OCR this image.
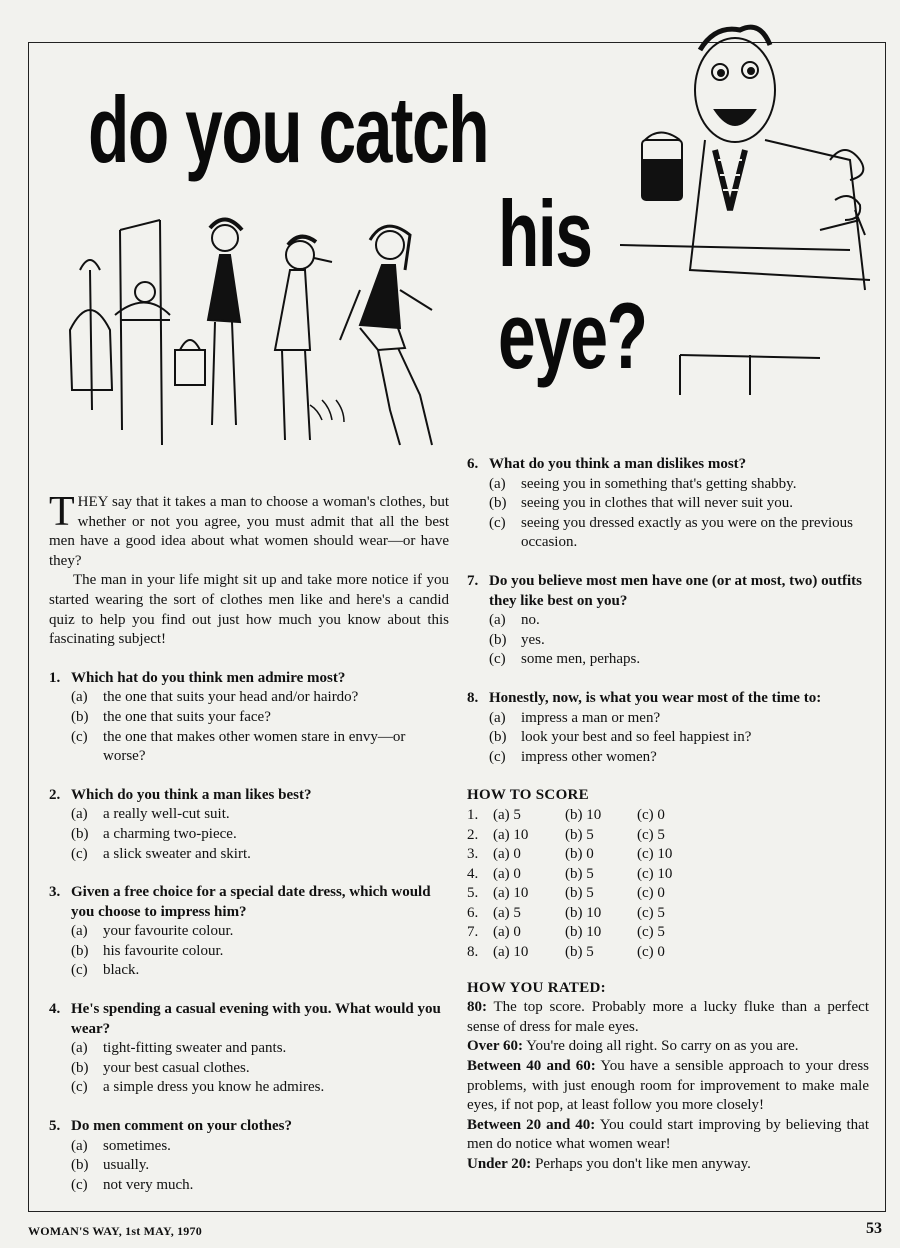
do you catch
his
eye?

T HEY say that it takes a man to choose a woman's clothes, but whether or not you agree, you must admit that all the best men have a good idea about what women should wear—or have they?

The man in your life might sit up and take more notice if you started wearing the sort of clothes men like and here's a candid quiz to help you find out just how much you know about this fascinating subject!

1. Which hat do you think men admire most?
(a)	the one that suits your head and/or hairdo?
(b) the one that suits your face?
(c)	the one that makes other women stare in envy—or worse?
2. Which do you think a man likes best?
(a)	a really well-cut suit.
(b) a charming two-piece.
(c)	a slick sweater and skirt.
3. Given a free choice for a special date dress, which would you choose to impress him?
(a)	your favourite colour.
(b) his favourite colour.
(c)	black.
4. He's spending a casual evening with you. What would you wear?
(a)	tight-fitting sweater and pants.
(b) your best casual clothes.
(c)	a simple dress you know he admires.
5. Do men comment on your clothes?
(a)	sometimes.
(b) usually.
(c)	not very much.
6. What do you think a man dislikes most?
(a)	seeing you in something that's getting shabby.
(b) seeing you in clothes that will never suit you.
(c)	seeing you dressed exactly as you were on the previous occasion.
7. Do you believe most men have one (or at most, two) outfits they like best on you?
(a)	no.
(b) yes.
(c)	some men, perhaps.
8. Honestly, now, is what you wear most of the time to:
(a)	impress a man or men?
(b) look your best and so feel happiest in?
(c)	impress other women?
HOW TO SCORE
1.	(a) 5	(b) 10	(c) 0
2.	(a) 10	(b) 5	(c) 5
3.	(a) 0	(b) 0	(c) 10
4.	(a) 0	(b) 5	(c) 10
5.	(a) 10	(b) 5	(c) 0
6.	(a) 5	(b) 10	(c) 5
7.	(a) 0	(b) 10	(c) 5
8.	(a) 10	(b) 5	(c) 0
HOW YOU RATED:

80: The top score. Probably more a lucky fluke than a perfect sense of dress for male eyes.

Over 60: You're doing all right. So carry on as you are.

Between 40 and 60: You have a sensible approach to your dress problems, with just enough room for improvement to make male eyes, if not pop, at least follow you more closely!

Between 20 and 40: You could start improving by believing that men do notice what women wear!

Under 20: Perhaps you don't like men anyway.

WOMAN'S WAY, 1st MAY, 1970	53
